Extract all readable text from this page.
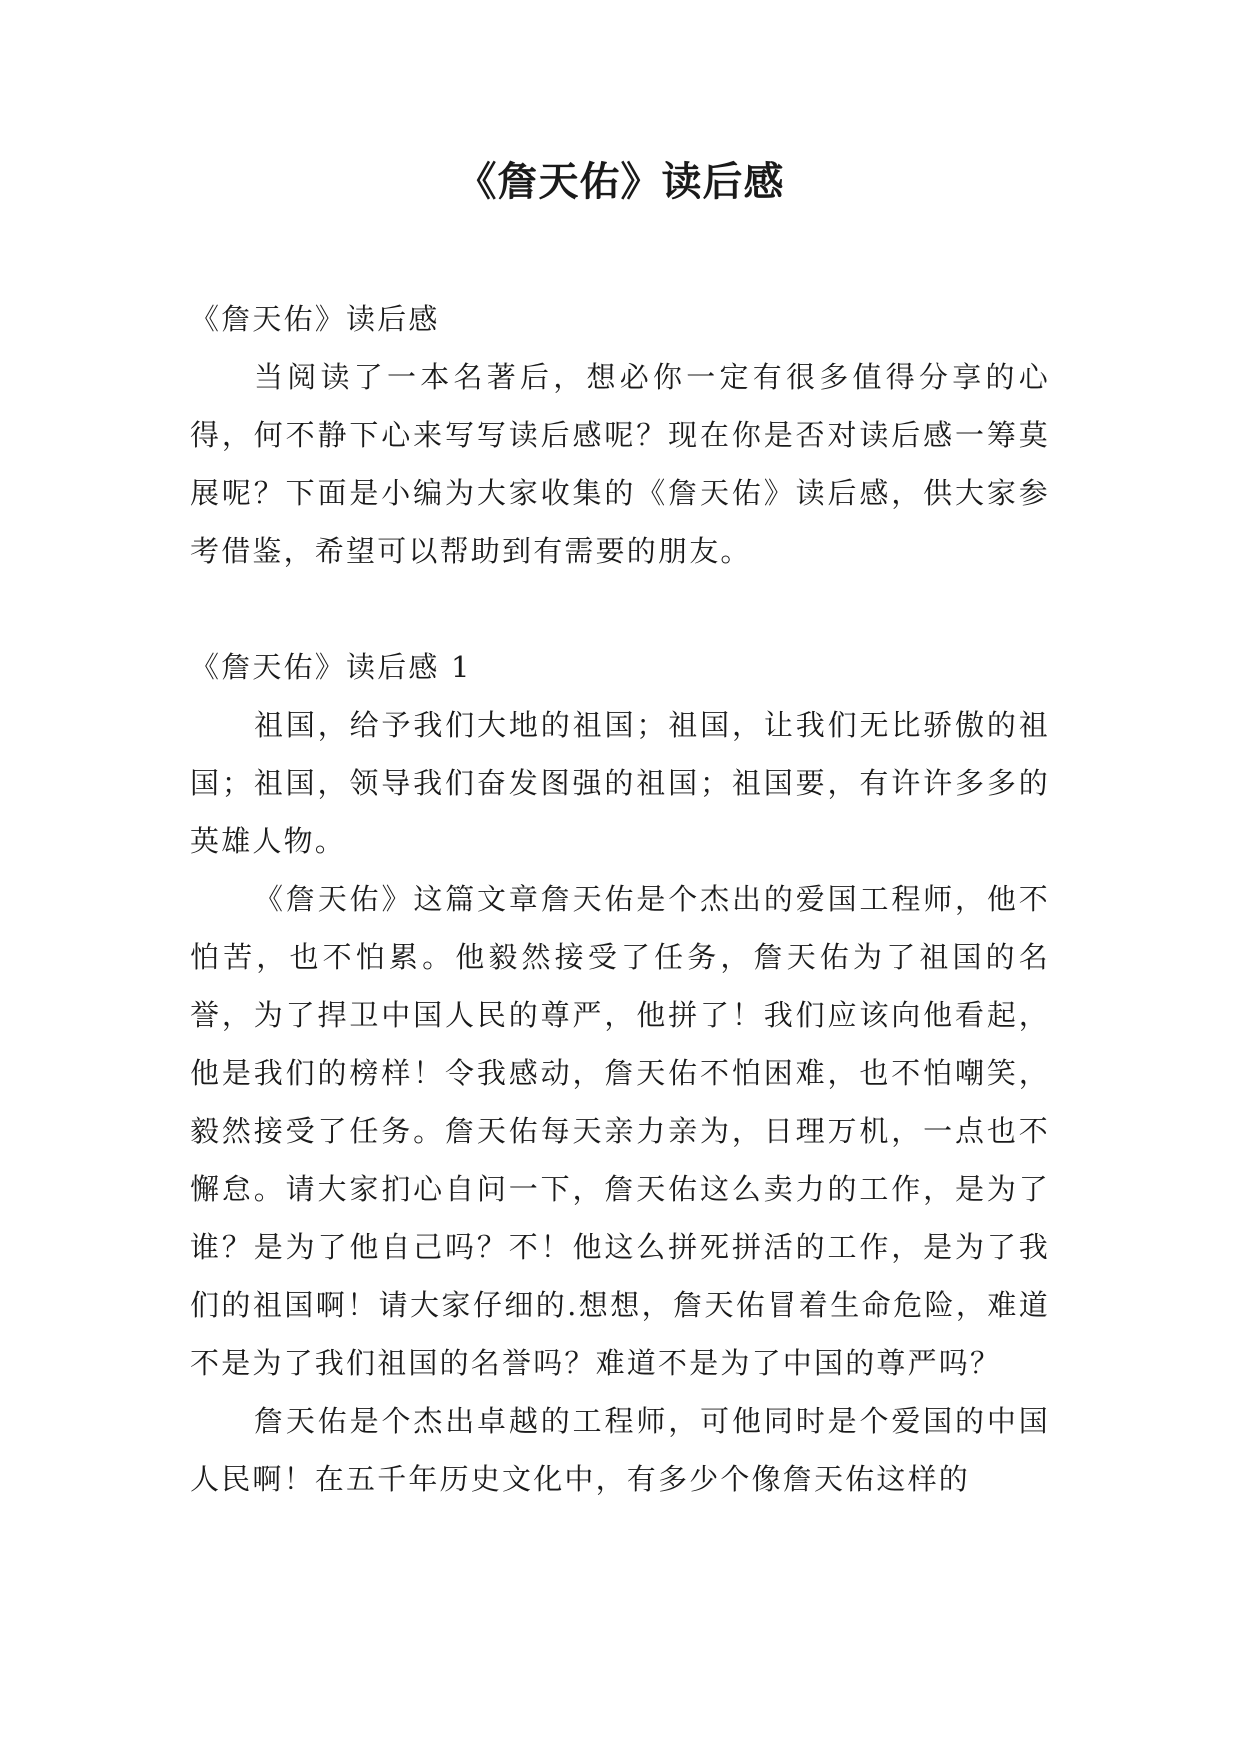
《詹天佑》读后感

《詹天佑》读后感

当阅读了一本名著后，想必你一定有很多值得分享的心得，何不静下心来写写读后感呢？现在你是否对读后感一筹莫展呢？下面是小编为大家收集的《詹天佑》读后感，供大家参考借鉴，希望可以帮助到有需要的朋友。

《詹天佑》读后感 1

祖国，给予我们大地的祖国；祖国，让我们无比骄傲的祖国；祖国，领导我们奋发图强的祖国；祖国要，有许许多多的英雄人物。

《詹天佑》这篇文章詹天佑是个杰出的爱国工程师，他不怕苦，也不怕累。他毅然接受了任务，詹天佑为了祖国的名誉，为了捍卫中国人民的尊严，他拼了！我们应该向他看起，他是我们的榜样！令我感动，詹天佑不怕困难，也不怕嘲笑，毅然接受了任务。詹天佑每天亲力亲为，日理万机，一点也不懈怠。请大家扪心自问一下，詹天佑这么卖力的工作，是为了谁？是为了他自己吗？不！他这么拼死拼活的工作，是为了我们的祖国啊！请大家仔细的.想想，詹天佑冒着生命危险，难道不是为了我们祖国的名誉吗？难道不是为了中国的尊严吗？

詹天佑是个杰出卓越的工程师，可他同时是个爱国的中国人民啊！在五千年历史文化中，有多少个像詹天佑这样的
